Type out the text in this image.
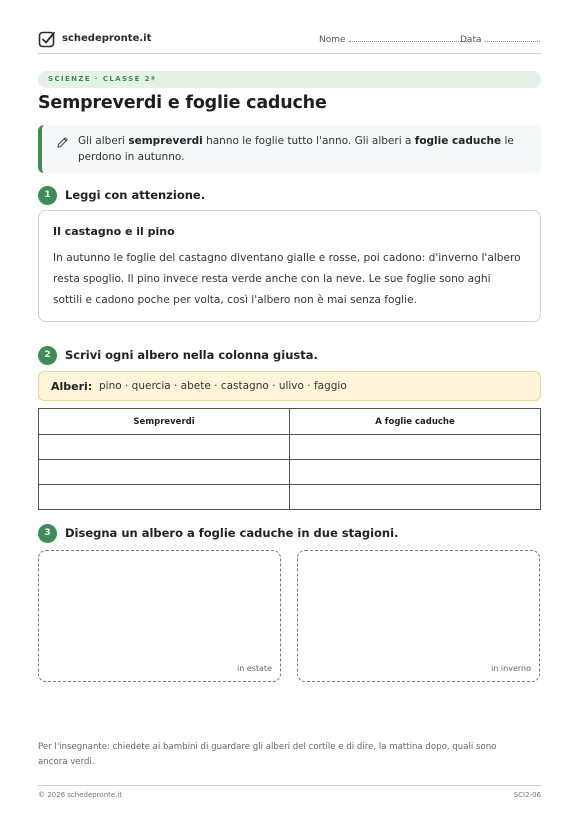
schedepronte.it	Nome	Data
SCIENZE · CLASSE 2ª
Sempreverdi e foglie caduche
Gli alberi sempreverdi hanno le foglie tutto l'anno. Gli alberi a foglie caduche le perdono in autunno.
1	Leggi con attenzione.
Il castagno e il pino
In autunno le foglie del castagno diventano gialle e rosse, poi cadono: d'inverno l'albero resta spoglio. Il pino invece resta verde anche con la neve. Le sue foglie sono aghi sottili e cadono poche per volta, così l'albero non è mai senza foglie.
2	Scrivi ogni albero nella colonna giusta.
Alberi: pino · quercia · abete · castagno · ulivo · faggio
Sempreverdi	A foglie caduche

3	Disegna un albero a foglie caduche in due stagioni.
in estate	in inverno
Per l'insegnante: chiedete ai bambini di guardare gli alberi del cortile e di dire, la mattina dopo, quali sono ancora verdi.
© 2026 schedepronte.it	SCI2-06
